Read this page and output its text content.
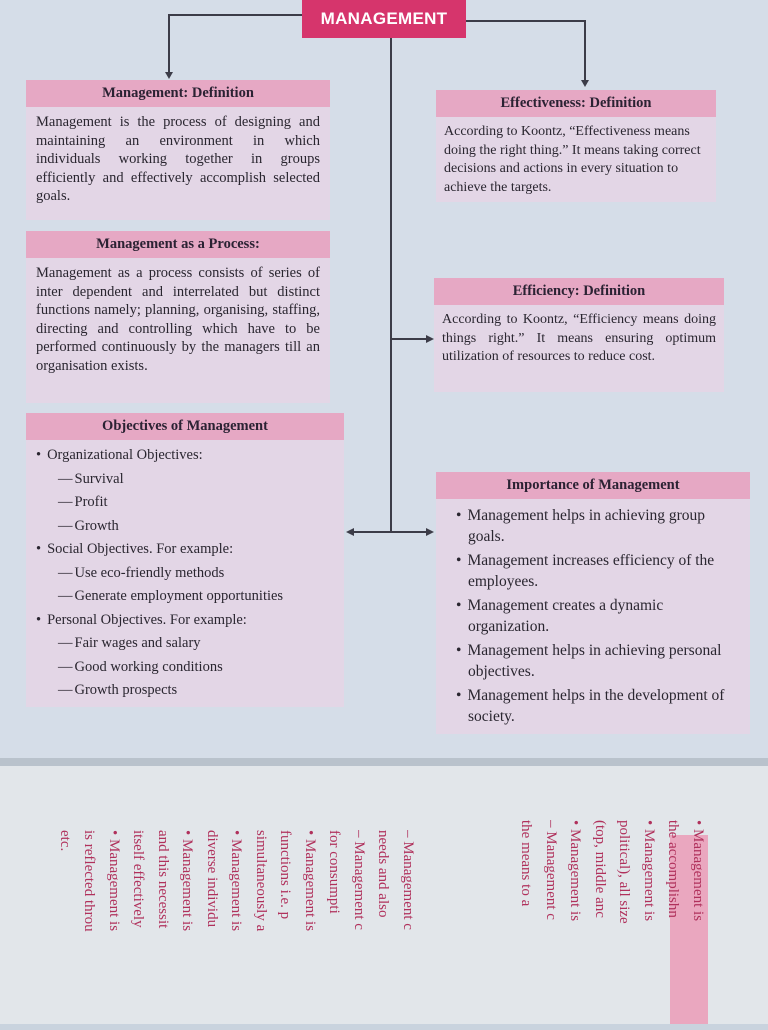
MANAGEMENT
Management: Definition
Management is the process of designing and maintaining an environment in which individuals working together in groups efficiently and effectively accomplish selected goals.
Management as a Process:
Management as a process consists of series of inter dependent and interrelated but distinct functions namely; planning, organising, staffing, directing and controlling which have to be performed continuously by the managers till an organisation exists.
Objectives of Management
• Organizational Objectives:
— Survival
— Profit
— Growth
• Social Objectives. For example:
— Use eco-friendly methods
— Generate employment opportunities
• Personal Objectives. For example:
— Fair wages and salary
— Good working conditions
— Growth prospects
Effectiveness: Definition
According to Koontz, “Effectiveness means doing the right thing.” It means taking correct decisions and actions in every situation to achieve the targets.
Efficiency: Definition
According to Koontz, “Efficiency means doing things right.” It means ensuring optimum utilization of resources to reduce cost.
Importance of Management
• Management helps in achieving group goals.
• Management increases efficiency of the employees.
• Management creates a dynamic organization.
• Management helps in achieving personal objectives.
• Management helps in the development of society.
• Management is
the accomplishn
• Management is
political), all size
(top, middle anc
• Management is
– Management c
the means to a
– Management c
needs and also
– Management c
for consumpti
• Management is
functions i.e. p
simultaneously a
• Management is
diverse individu
• Management is
and this necessit
itself effectively
• Management is
is reflected throu
etc.
